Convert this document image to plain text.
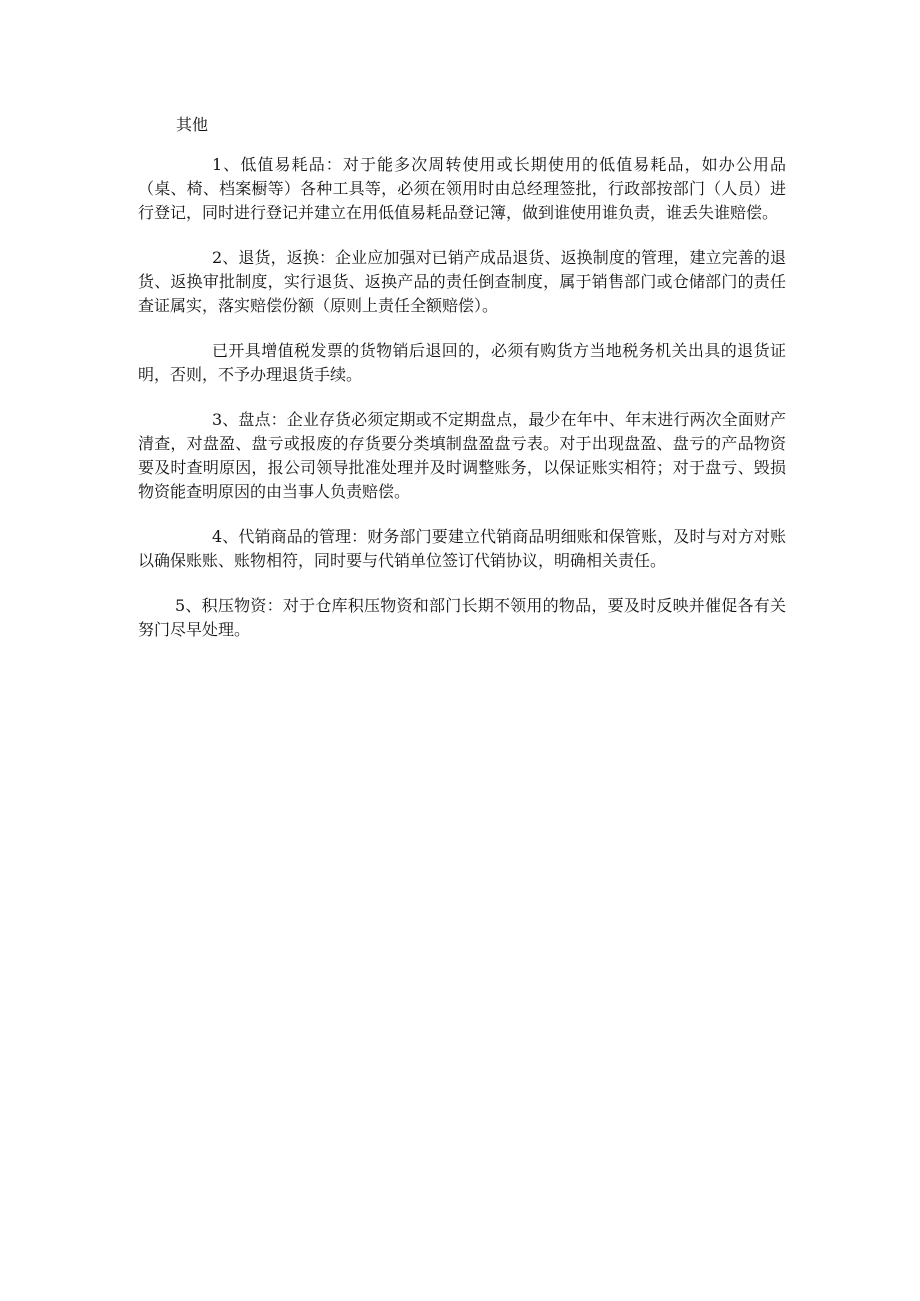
其他

1、低值易耗品：对于能多次周转使用或长期使用的低值易耗品，如办公用品（桌、椅、档案橱等）各种工具等，必须在领用时由总经理签批，行政部按部门（人员）进行登记，同时进行登记并建立在用低值易耗品登记簿，做到谁使用谁负责，谁丢失谁赔偿。

2、退货，返换：企业应加强对已销产成品退货、返换制度的管理，建立完善的退货、返换审批制度，实行退货、返换产品的责任倒查制度，属于销售部门或仓储部门的责任查证属实，落实赔偿份额（原则上责任全额赔偿）。

已开具增值税发票的货物销后退回的，必须有购货方当地税务机关出具的退货证明，否则，不予办理退货手续。

3、盘点：企业存货必须定期或不定期盘点，最少在年中、年末进行两次全面财产清查，对盘盈、盘亏或报废的存货要分类填制盘盈盘亏表。对于出现盘盈、盘亏的产品物资要及时查明原因，报公司领导批准处理并及时调整账务，以保证账实相符；对于盘亏、毁损物资能查明原因的由当事人负责赔偿。

4、代销商品的管理：财务部门要建立代销商品明细账和保管账，及时与对方对账以确保账账、账物相符，同时要与代销单位签订代销协议，明确相关责任。

5、积压物资：对于仓库积压物资和部门长期不领用的物品，要及时反映并催促各有关努门尽早处理。
